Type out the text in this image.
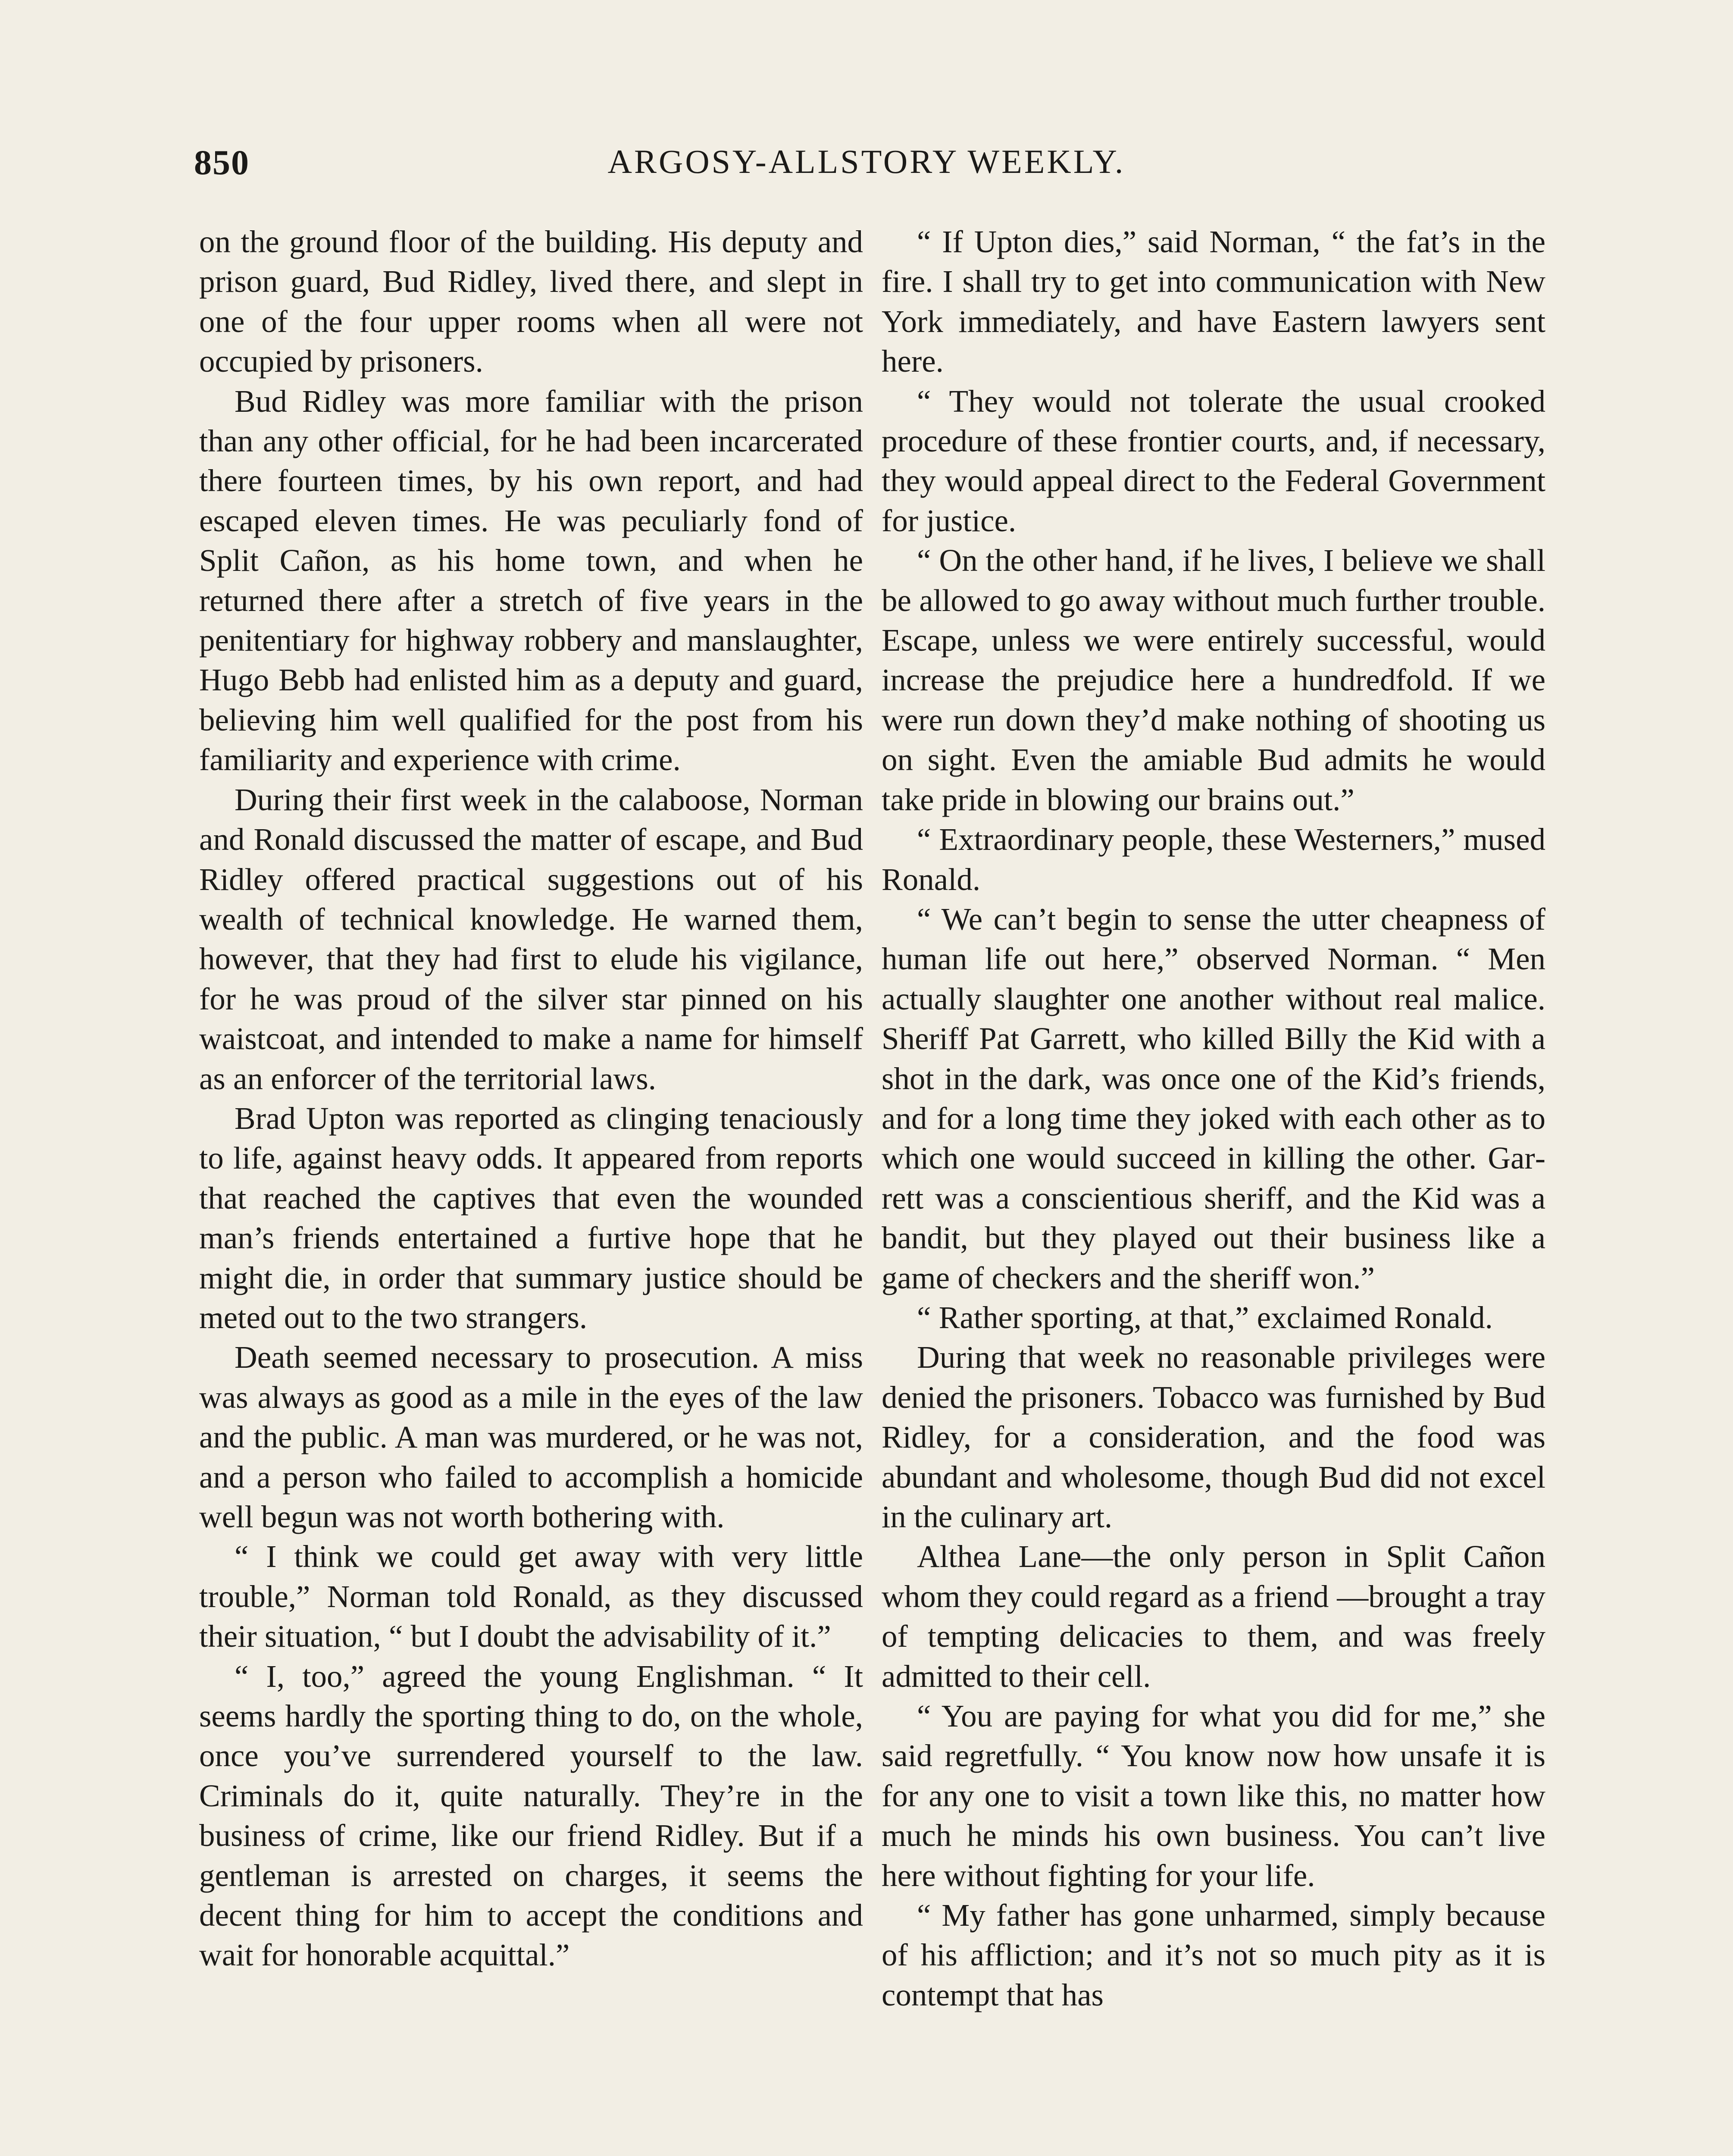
850	ARGOSY-ALLSTORY WEEKLY.

on the ground floor of the building. His deputy and prison guard, Bud Ridley, lived there, and slept in one of the four upper rooms when all were not occupied by prisoners.

Bud Ridley was more familiar with the prison than any other official, for he had been incarcerated there fourteen times, by his own report, and had escaped eleven times. He was peculiarly fond of Split Cañon, as his home town, and when he returned there after a stretch of five years in the penitentiary for highway robbery and manslaughter, Hugo Bebb had enlisted him as a deputy and guard, believing him well qualified for the post from his familiarity and experience with crime.

During their first week in the calaboose, Norman and Ronald discussed the matter of escape, and Bud Ridley offered practical suggestions out of his wealth of technical knowledge. He warned them, however, that they had first to elude his vigilance, for he was proud of the silver star pinned on his waistcoat, and intended to make a name for himself as an enforcer of the territorial laws.

Brad Upton was reported as clinging tenaciously to life, against heavy odds. It appeared from reports that reached the captives that even the wounded man’s friends entertained a furtive hope that he might die, in order that summary justice should be meted out to the two strangers.

Death seemed necessary to prosecution. A miss was always as good as a mile in the eyes of the law and the public. A man was murdered, or he was not, and a person who failed to accomplish a homicide well begun was not worth bothering with.

“ I think we could get away with very little trouble,” Norman told Ronald, as they discussed their situation, “ but I doubt the advisability of it.”

“ I, too,” agreed the young Englishman. “ It seems hardly the sporting thing to do, on the whole, once you’ve surrendered yourself to the law. Criminals do it, quite naturally. They’re in the business of crime, like our friend Ridley. But if a gentleman is arrested on charges, it seems the decent thing for him to accept the conditions and wait for honorable acquittal.”

“ If Upton dies,” said Norman, “ the fat’s in the fire. I shall try to get into communication with New York immediately, and have Eastern lawyers sent here.

“ They would not tolerate the usual crooked procedure of these frontier courts, and, if necessary, they would appeal direct to the Federal Government for justice.

“ On the other hand, if he lives, I believe we shall be allowed to go away without much further trouble. Escape, unless we were entirely successful, would increase the prejudice here a hundredfold. If we were run down they’d make nothing of shooting us on sight. Even the amiable Bud admits he would take pride in blowing our brains out.”

“ Extraordinary people, these Westerners,” mused Ronald.

“ We can’t begin to sense the utter cheapness of human life out here,” observed Norman. “ Men actually slaughter one another without real malice. Sheriff Pat Garrett, who killed Billy the Kid with a shot in the dark, was once one of the Kid’s friends, and for a long time they joked with each other as to which one would succeed in killing the other. Garrett was a conscientious sheriff, and the Kid was a bandit, but they played out their business like a game of checkers and the sheriff won.”

“ Rather sporting, at that,” exclaimed Ronald.

During that week no reasonable privileges were denied the prisoners. Tobacco was furnished by Bud Ridley, for a consideration, and the food was abundant and wholesome, though Bud did not excel in the culinary art.

Althea Lane—the only person in Split Cañon whom they could regard as a friend —brought a tray of tempting delicacies to them, and was freely admitted to their cell.

“ You are paying for what you did for me,” she said regretfully. “ You know now how unsafe it is for any one to visit a town like this, no matter how much he minds his own business. You can’t live here without fighting for your life.

“ My father has gone unharmed, simply because of his affliction; and it’s not so much pity as it is contempt that has
